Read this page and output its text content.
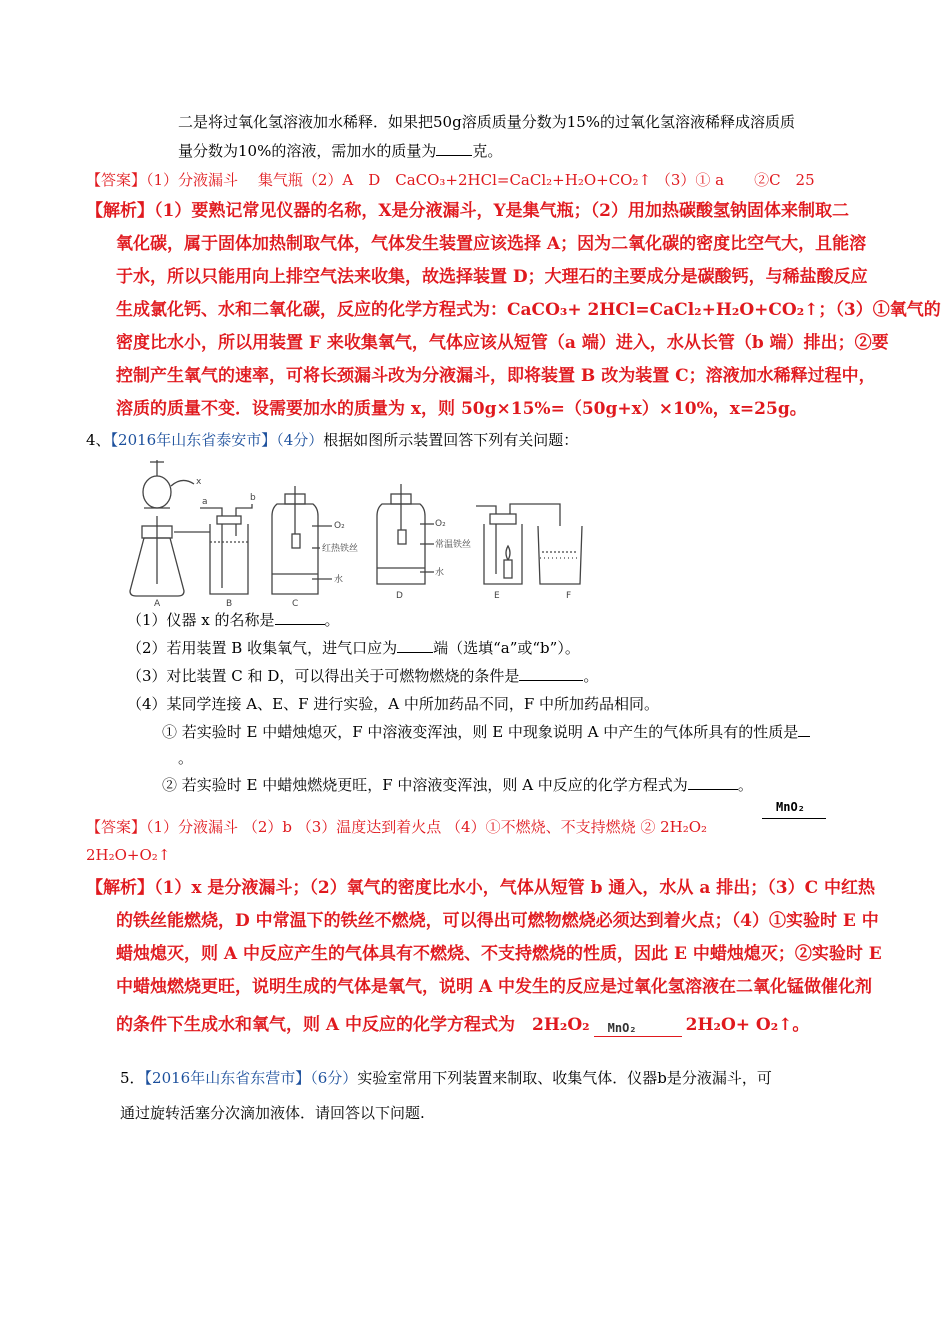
二是将过氧化氢溶液加水稀释．如果把50g溶质质量分数为15%的过氧化氢溶液稀释成溶质质
量分数为10%的溶液，需加水的质量为 克。
【答案】（1）分液漏斗　 集气瓶（2）A　D　CaCO₃+2HCl=CaCl₂+H₂O+CO₂↑ （3）① a　　②C　25
【解析】（1）要熟记常见仪器的名称，X是分液漏斗，Y是集气瓶；（2）用加热碳酸氢钠固体来制取二
氧化碳，属于固体加热制取气体，气体发生装置应该选择 A；因为二氧化碳的密度比空气大，且能溶
于水，所以只能用向上排空气法来收集，故选择装置 D；大理石的主要成分是碳酸钙，与稀盐酸反应
生成氯化钙、水和二氧化碳，反应的化学方程式为：CaCO₃+ 2HCl=CaCl₂+H₂O+CO₂↑；（3）①氧气的
密度比水小，所以用装置 F 来收集氧气，气体应该从短管（a 端）进入，水从长管（b 端）排出；②要
控制产生氧气的速率，可将长颈漏斗改为分液漏斗，即将装置 B 改为装置 C；溶液加水稀释过程中，
溶质的质量不变．设需要加水的质量为 x，则 50g×15%=（50g+x）×10%，x=25g。
4、【2016年山东省泰安市】（4分）根据如图所示装置回答下列有关问题：
A	B	C
D	E	F
x
a	b
O₂
红热铁丝
水
O₂
常温铁丝
水
（1）仪器 x 的名称是	。
（2）若用装置 B 收集氧气，进气口应为 端（选填“a”或“b”）。
（3）对比装置 C 和 D，可以得出关于可燃物燃烧的条件是	。
（4）某同学连接 A、E、F 进行实验，A 中所加药品不同，F 中所加药品相同。
① 若实验时 E 中蜡烛熄灭，F 中溶液变浑浊，则 E 中现象说明 A 中产生的气体所具有的性质是
。
② 若实验时 E 中蜡烛燃烧更旺，F 中溶液变浑浊，则 A 中反应的化学方程式为	。
MnO₂
【答案】（1）分液漏斗 （2）b （3）温度达到着火点 （4）①不燃烧、不支持燃烧 ② 2H₂O₂
2H₂O+O₂↑
【解析】（1）x 是分液漏斗；（2）氧气的密度比水小，气体从短管 b 通入，水从 a 排出；（3）C 中红热
的铁丝能燃烧，D 中常温下的铁丝不燃烧，可以得出可燃物燃烧必须达到着火点；（4）①实验时 E 中
蜡烛熄灭，则 A 中反应产生的气体具有不燃烧、不支持燃烧的性质，因此 E 中蜡烛熄灭；②实验时 E
中蜡烛燃烧更旺，说明生成的气体是氧气，说明 A 中发生的反应是过氧化氢溶液在二氧化锰做催化剂
的条件下生成水和氧气，则 A 中反应的化学方程式为　2H₂O₂ MnO₂	2H₂O+ O₂↑。
5．【2016年山东省东营市】（6分）实验室常用下列装置来制取、收集气体．仪器b是分液漏斗，可
通过旋转活塞分次滴加液体．请回答以下问题.
